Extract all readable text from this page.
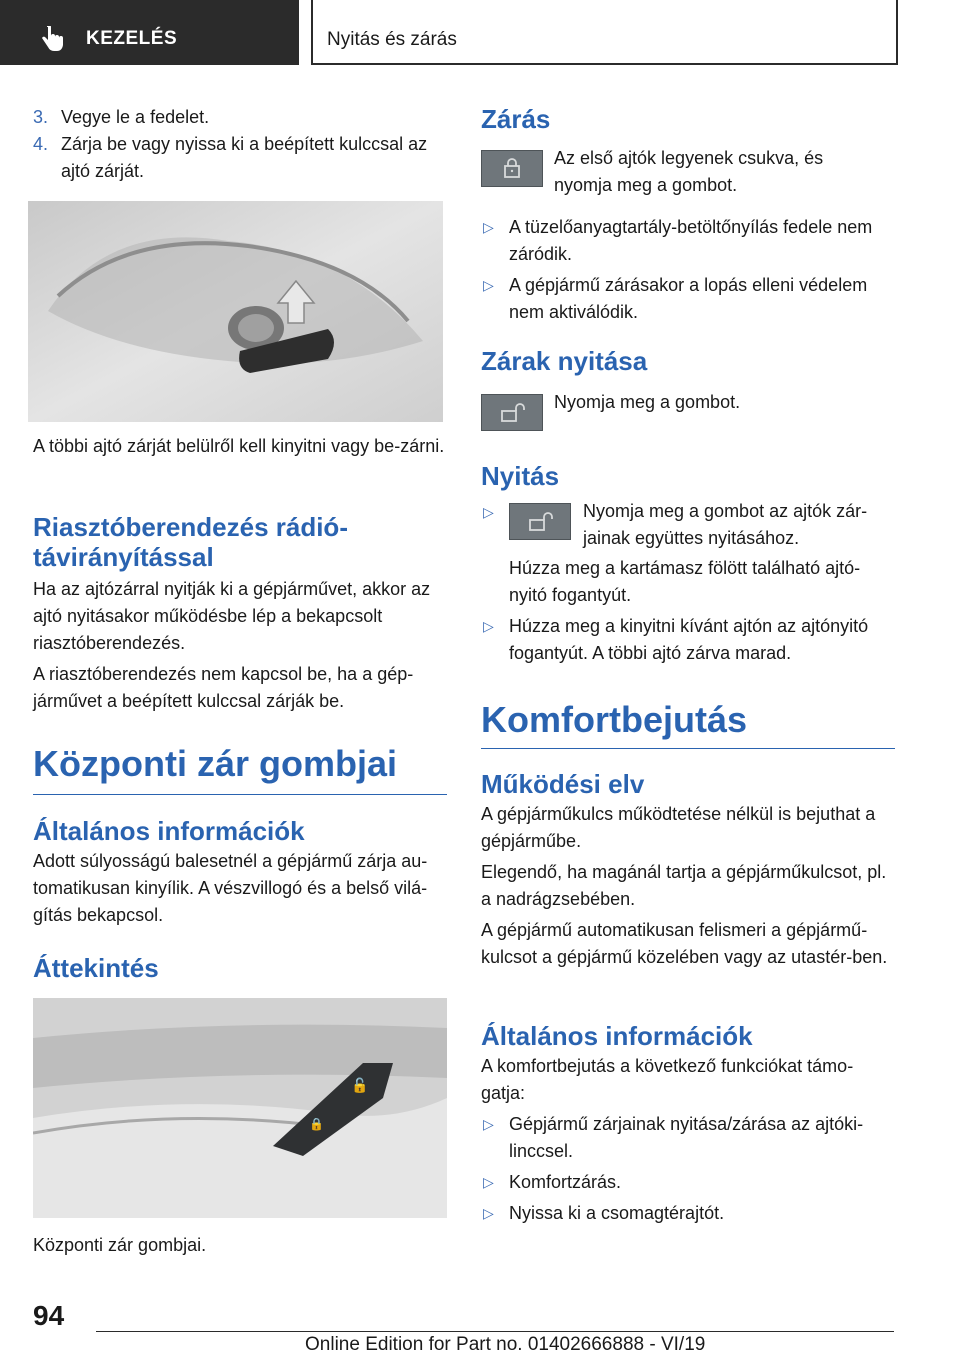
KEZELÉS	Nyitás és zárás
3. Vegye le a fedelet.

4. Zárja be vagy nyissa ki a beépített kulccsal az ajtó zárját.

A többi ajtó zárját belülről kell kinyitni vagy be-zárni.

Riasztóberendezés rádió-távirányítással

Ha az ajtózárral nyitják ki a gépjárművet, akkor az ajtó nyitásakor működésbe lép a bekapcsolt riasztóberendezés.

A riasztóberendezés nem kapcsol be, ha a gép-járművet a beépített kulccsal zárják be.

Központi zár gombjai
Általános információk

Adott súlyosságú balesetnél a gépjármű zárja au-tomatikusan kinyílik. A vészvillogó és a belső vilá-gítás bekapcsol.

Áttekintés
🔓
🔒

Központi zár gombjai.

Zárás

Az első ajtók legyenek csukva, és nyomja meg a gombot.

▷ A tüzelőanyagtartály-betöltőnyílás fedele nem záródik.

▷ A gépjármű zárásakor a lopás elleni védelem nem aktiválódik.

Zárak nyitása

Nyomja meg a gombot.

Nyitás
▷	Nyomja meg a gombot az ajtók zár-jainak együttes nyitásához.

Húzza meg a kartámasz fölött található ajtó-nyitó fogantyút.

▷ Húzza meg a kinyitni kívánt ajtón az ajtónyitó fogantyút. A többi ajtó zárva marad.

Komfortbejutás
Működési elv

A gépjárműkulcs működtetése nélkül is bejuthat a gépjárműbe.

Elegendő, ha magánál tartja a gépjárműkulcsot, pl. a nadrágzsebében.

A gépjármű automatikusan felismeri a gépjármű-kulcsot a gépjármű közelében vagy az utastér-ben.

Általános információk

A komfortbejutás a következő funkciókat támo-gatja:

▷ Gépjármű zárjainak nyitása/zárása az ajtóki-linccsel.

▷ Komfortzárás.

▷ Nyissa ki a csomagtérajtót.

94
Online Edition for Part no. 01402666888 - VI/19
